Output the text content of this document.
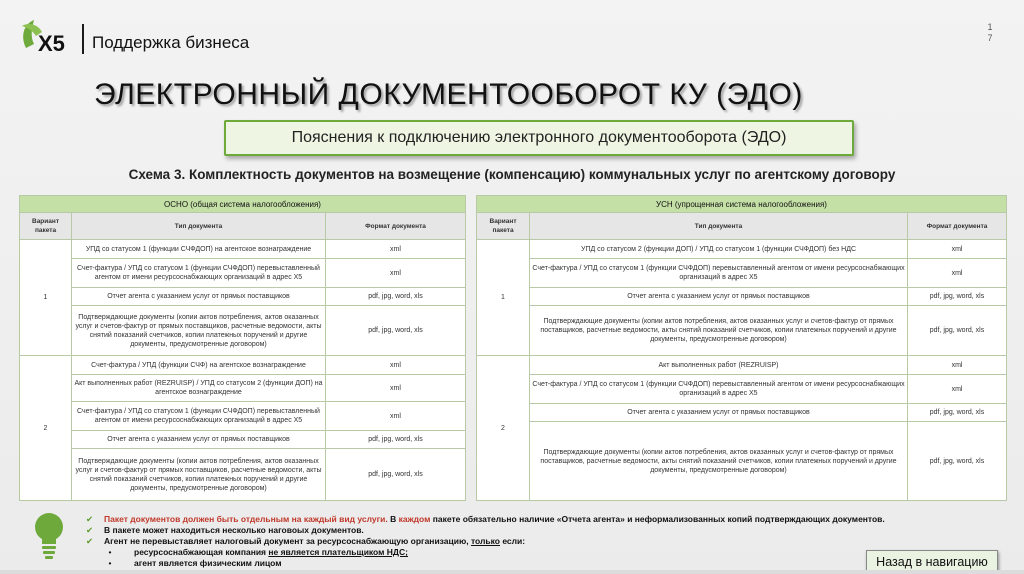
X5 Поддержка бизнеса
1
7
ЭЛЕКТРОННЫЙ ДОКУМЕНТООБОРОТ КУ (ЭДО)
Пояснения к подключению электронного документооборота (ЭДО)
Схема 3. Комплектность документов на возмещение (компенсацию) коммунальных услуг по агентскому договору
ОСНО (общая система налогообложения)		
Вариант пакета	Тип документа	Формат документа
1	УПД со статусом 1 (функции СЧФДОП) на агентское вознаграждение	xml
	Счет-фактура / УПД со статусом 1 (функции СЧФДОП) перевыставленный агентом от имени ресурсоснабжающих организаций в адрес Х5	xml
	Отчет агента с указанием услуг от прямых поставщиков	pdf, jpg, word, xls
	Подтверждающие документы (копии актов потребления, актов оказанных услуг и счетов-фактур от прямых поставщиков, расчетные ведомости, акты снятий показаний счетчиков, копии платежных поручений и другие документы, предусмотренные договором)	pdf, jpg, word, xls
2	Счет-фактура / УПД (функции СЧФ) на агентское вознаграждение	xml
	Акт выполненных работ (REZRUISP) / УПД со статусом 2 (функции ДОП) на агентское вознаграждение	xml
	Счет-фактура / УПД со статусом 1 (функции СЧФДОП) перевыставленный агентом от имени ресурсоснабжающих организаций в адрес Х5	xml
	Отчет агента с указанием услуг от прямых поставщиков	pdf, jpg, word, xls
	Подтверждающие документы (копии актов потребления, актов оказанных услуг и счетов-фактур от прямых поставщиков, расчетные ведомости, акты снятий показаний счетчиков, копии платежных поручений и другие документы, предусмотренные договором)	pdf, jpg, word, xls
УСН (упрощенная система налогообложения)		
Вариант пакета	Тип документа	Формат документа
1	УПД со статусом 2 (функции ДОП) / УПД со статусом 1 (функции СЧФДОП) без НДС	xml
	Счет-фактура / УПД со статусом 1 (функции СЧФДОП) перевыставленный агентом от имени ресурсоснабжающих организаций в адрес Х5	xml
	Отчет агента с указанием услуг от прямых поставщиков	pdf, jpg, word, xls
	Подтверждающие документы (копии актов потребления, актов оказанных услуг и счетов-фактур от прямых поставщиков, расчетные ведомости, акты снятий показаний счетчиков, копии платежных поручений и другие документы, предусмотренные договором)	pdf, jpg, word, xls
2	Акт выполненных работ (REZRUISP)	xml
	Счет-фактура / УПД со статусом 1 (функции СЧФДОП) перевыставленный агентом от имени ресурсоснабжающих организаций в адрес Х5	xml
	Отчет агента с указанием услуг от прямых поставщиков	pdf, jpg, word, xls
	Подтверждающие документы (копии актов потребления, актов оказанных услуг и счетов-фактур от прямых поставщиков, расчетные ведомости, акты снятий показаний счетчиков, копии платежных поручений и другие документы, предусмотренные договором)	pdf, jpg, word, xls
✔ Пакет документов должен быть отдельным на каждый вид услуги. В каждом пакете обязательно наличие «Отчета агента» и неформализованных копий подтверждающих документов.
✔ В пакете может находиться несколько наговоых документов.
✔ Агент не перевыставляет налоговый документ за ресурсоснабжающую организацию, только если:
•	ресурсоснабжающая компания не является плательщиком НДС;
•	агент является физическим лицом	Назад в навигацию
